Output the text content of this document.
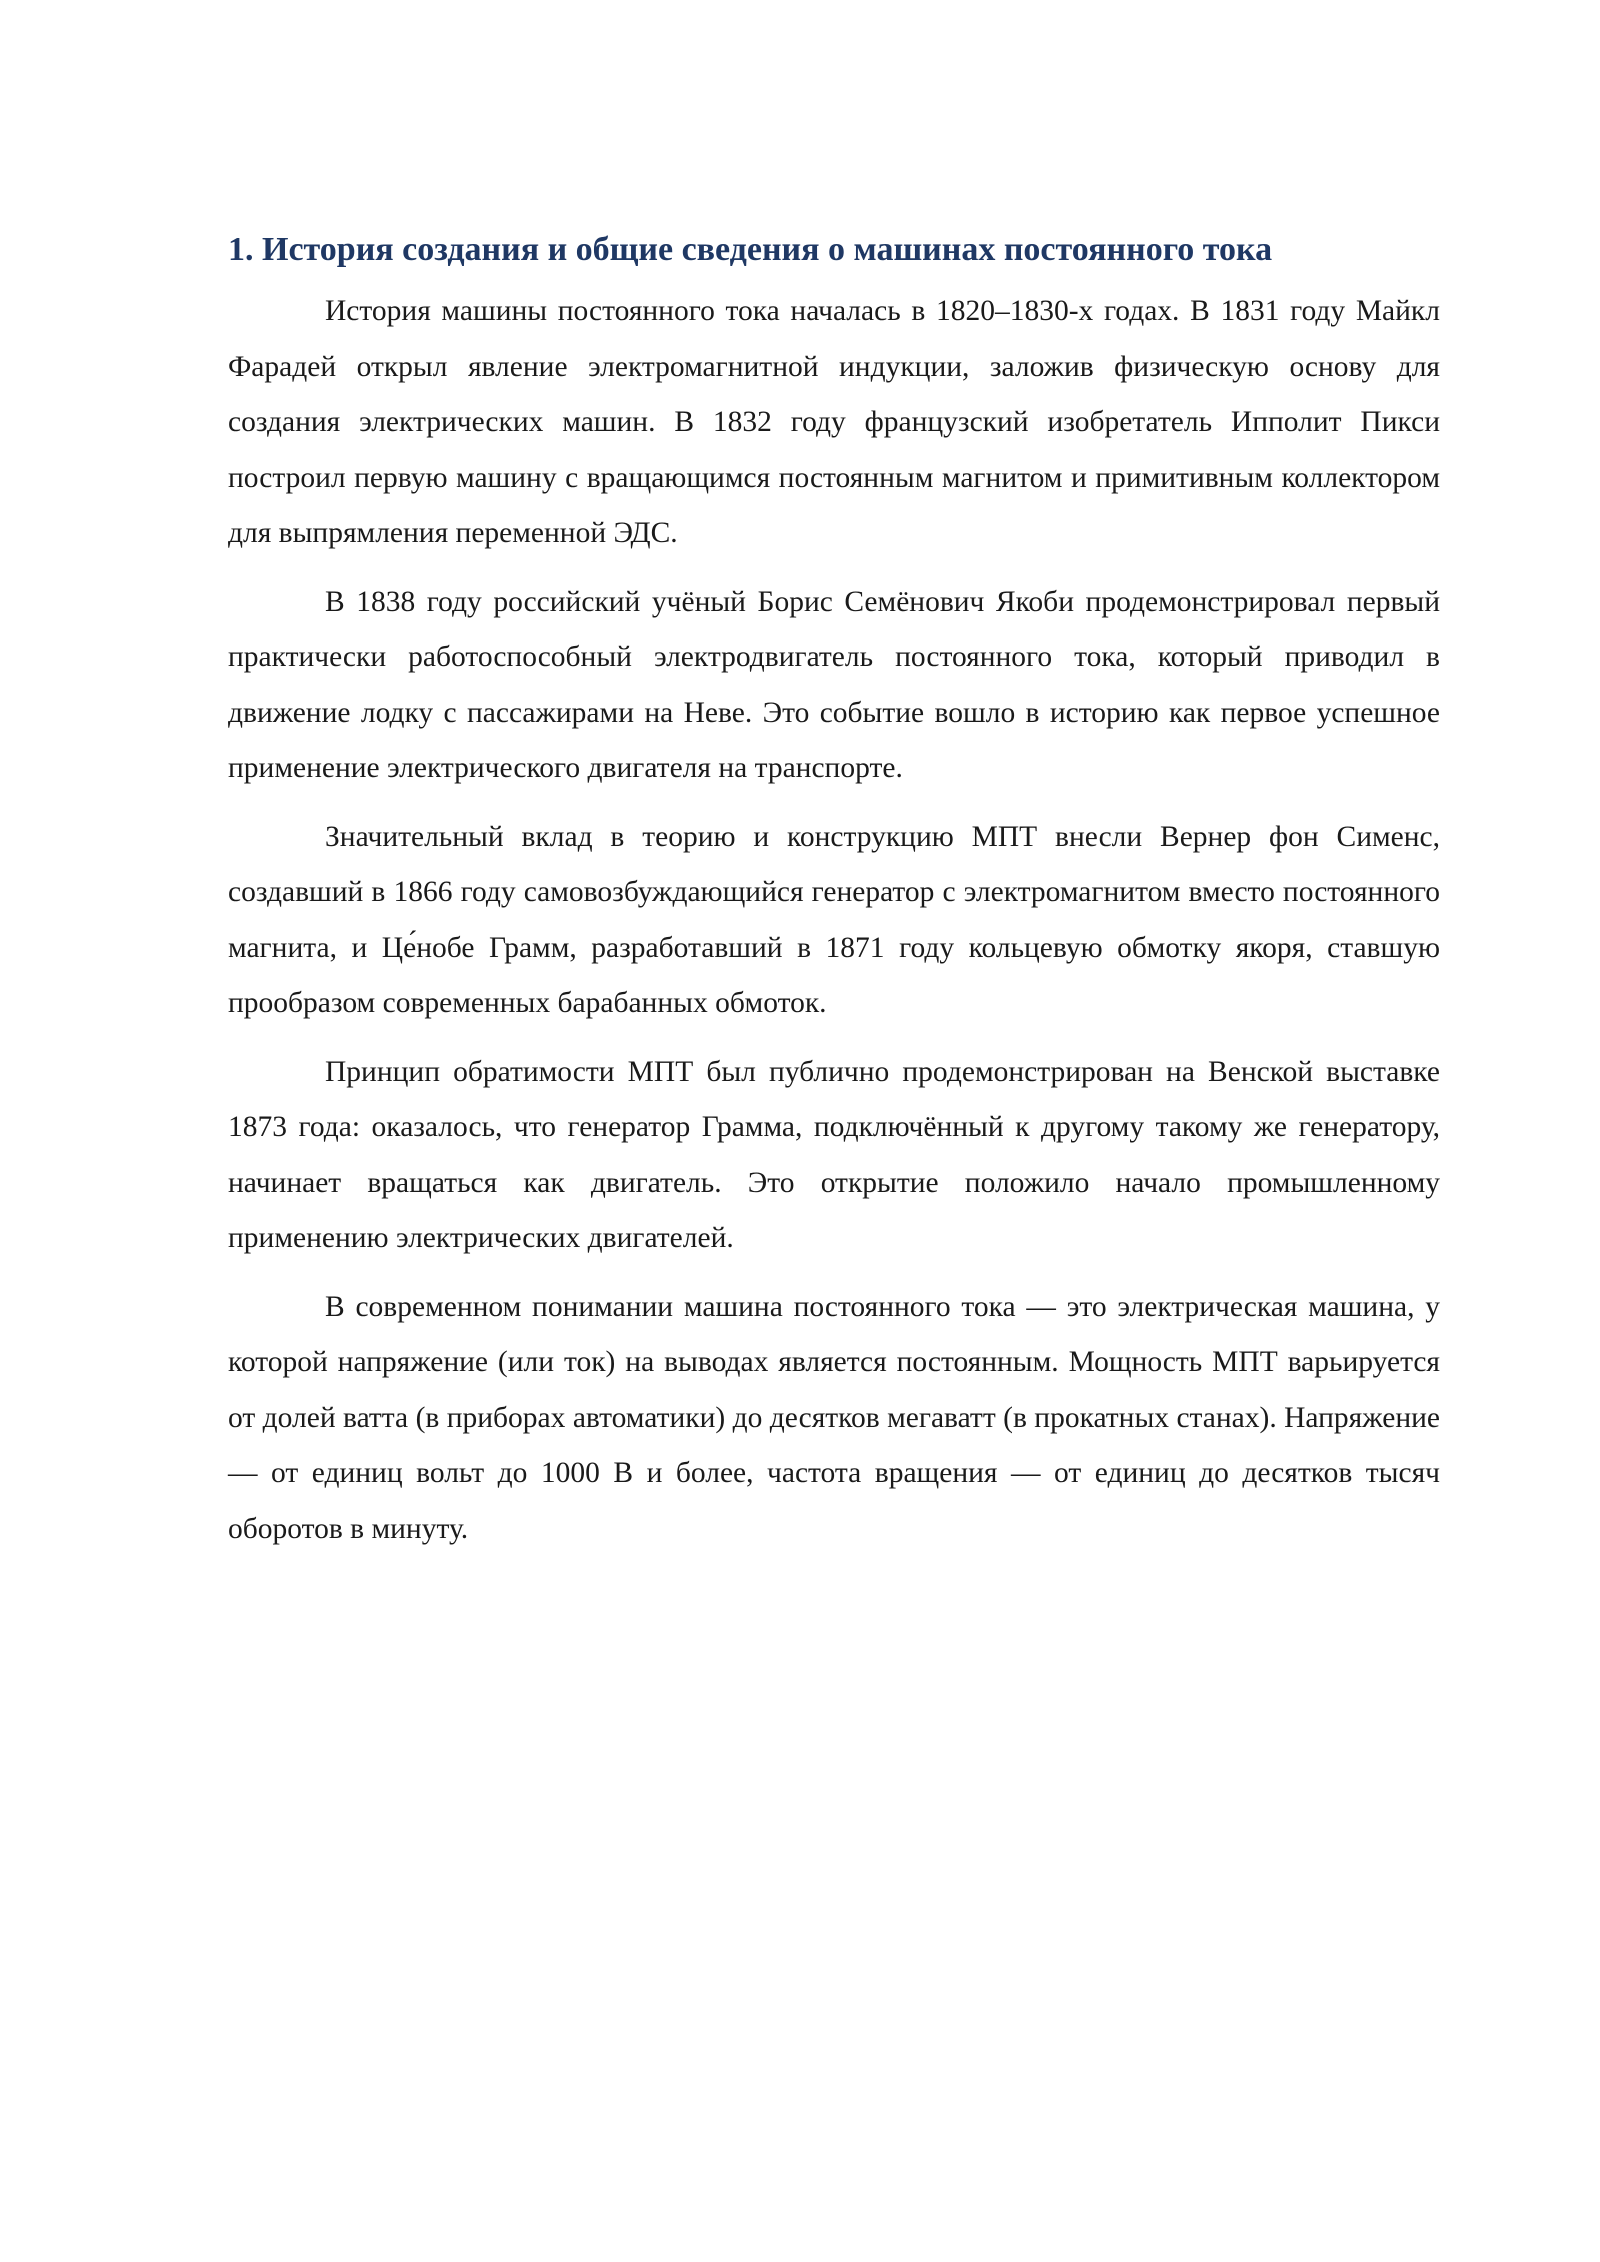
1. История создания и общие сведения о машинах постоянного тока

История машины постоянного тока началась в 1820–1830-х годах. В 1831 году Майкл Фарадей открыл явление электромагнитной индукции, заложив физическую основу для создания электрических машин. В 1832 году французский изобретатель Ипполит Пикси построил первую машину с вращающимся постоянным магнитом и примитивным коллектором для выпрямления переменной ЭДС.

В 1838 году российский учёный Борис Семёнович Якоби продемонстрировал первый практически работоспособный электродвигатель постоянного тока, который приводил в движение лодку с пассажирами на Неве. Это событие вошло в историю как первое успешное применение электрического двигателя на транспорте.

Значительный вклад в теорию и конструкцию МПТ внесли Вернер фон Сименс, создавший в 1866 году самовозбуждающийся генератор с электромагнитом вместо постоянного магнита, и Це́нобе Грамм, разработавший в 1871 году кольцевую обмотку якоря, ставшую прообразом современных барабанных обмоток.

Принцип обратимости МПТ был публично продемонстрирован на Венской выставке 1873 года: оказалось, что генератор Грамма, подключённый к другому такому же генератору, начинает вращаться как двигатель. Это открытие положило начало промышленному применению электрических двигателей.

В современном понимании машина постоянного тока — это электрическая машина, у которой напряжение (или ток) на выводах является постоянным. Мощность МПТ варьируется от долей ватта (в приборах автоматики) до десятков мегаватт (в прокатных станах). Напряжение — от единиц вольт до 1000 В и более, частота вращения — от единиц до десятков тысяч оборотов в минуту.
